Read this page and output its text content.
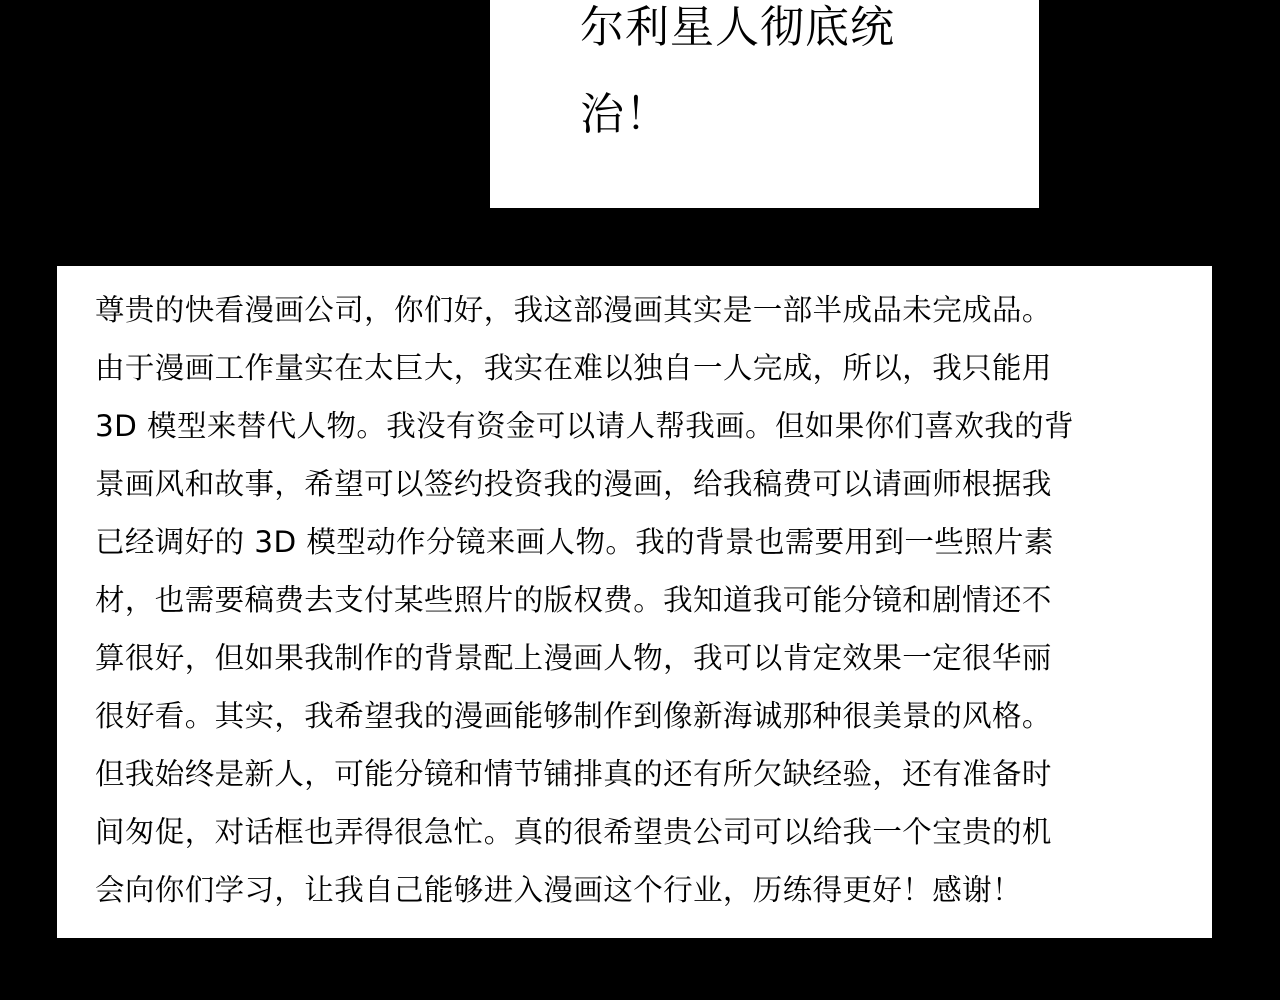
尔利星人彻底统
治！
尊贵的快看漫画公司，你们好，我这部漫画其实是一部半成品未完成品。
由于漫画工作量实在太巨大，我实在难以独自一人完成，所以，我只能用
3D 模型来替代人物。我没有资金可以请人帮我画。但如果你们喜欢我的背
景画风和故事，希望可以签约投资我的漫画，给我稿费可以请画师根据我
已经调好的 3D 模型动作分镜来画人物。我的背景也需要用到一些照片素
材，也需要稿费去支付某些照片的版权费。我知道我可能分镜和剧情还不
算很好，但如果我制作的背景配上漫画人物，我可以肯定效果一定很华丽
很好看。其实，我希望我的漫画能够制作到像新海诚那种很美景的风格。
但我始终是新人，可能分镜和情节铺排真的还有所欠缺经验，还有准备时
间匆促，对话框也弄得很急忙。真的很希望贵公司可以给我一个宝贵的机
会向你们学习，让我自己能够进入漫画这个行业，历练得更好！感谢！
